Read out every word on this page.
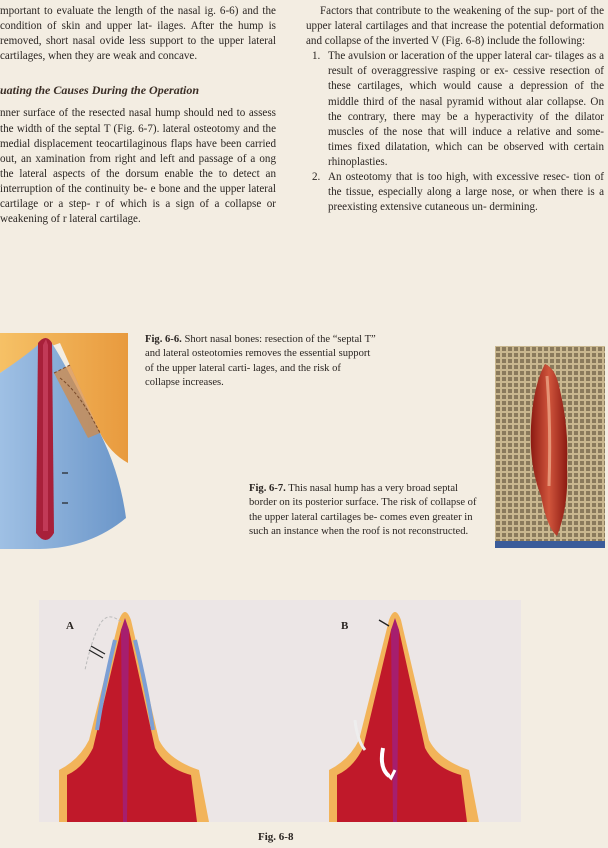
mportant to evaluate the length of the nasal ig. 6-6) and the condition of skin and upper lat- ilages. After the hump is removed, short nasal ovide less support to the upper lateral cartilages, when they are weak and concave.

uating the Causes During the Operation

nner surface of the resected nasal hump should ned to assess the width of the septal T (Fig. 6-7). lateral osteotomy and the medial displacement teocartilaginous flaps have been carried out, an xamination from right and left and passage of a ong the lateral aspects of the dorsum enable the to detect an interruption of the continuity be- e bone and the upper lateral cartilage or a step- r of which is a sign of a collapse or weakening of r lateral cartilage.

Factors that contribute to the weakening of the sup- port of the upper lateral cartilages and that increase the potential deformation and collapse of the inverted V (Fig. 6-8) include the following:

1. The avulsion or laceration of the upper lateral car- tilages as a result of overaggressive rasping or ex- cessive resection of these cartilages, which would cause a depression of the middle third of the nasal pyramid without alar collapse. On the contrary, there may be a hyperactivity of the dilator muscles of the nose that will induce a relative and some- times fixed dilatation, which can be observed with certain rhinoplasties.
2. An osteotomy that is too high, with excessive resec- tion of the tissue, especially along a large nose, or when there is a preexisting extensive cutaneous un- dermining.
Fig. 6-6. Short nasal bones: resection of the “septal T” and lateral osteotomies removes the essential support of the upper lateral carti- lages, and the risk of collapse increases.
Fig. 6-7. This nasal hump has a very broad septal border on its posterior surface. The risk of collapse of the upper lateral cartilages be- comes even greater in such an instance when the roof is not reconstructed.
A	B
Fig. 6-8
